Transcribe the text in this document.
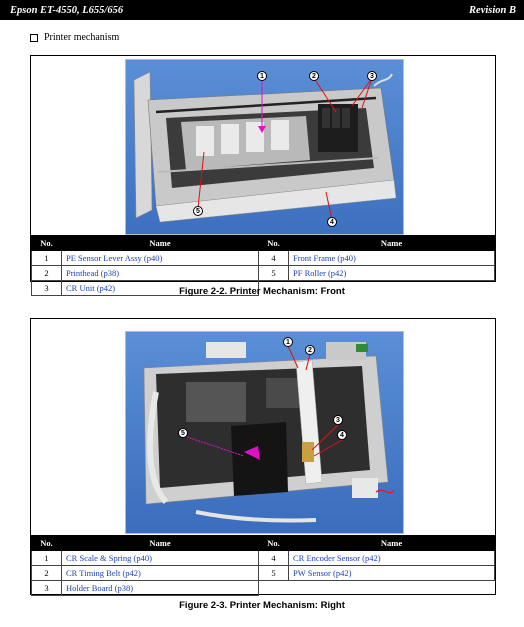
Epson ET-4550, L655/656	Revision B
Printer mechanism
1	2	3
4
5
No.	Name	No.	Name
1	PE Sensor Lever Assy (p40)	4	Front Frame (p40)
2	Printhead (p38)	5	PF Roller (p42)
3	CR Unit (p42)			Figure 2-2. Printer Mechanism: Front
1
2
3
4
5
No.	Name	No.	Name
1	CR Scale & Spring (p40)	4	CR Encoder Sensor (p42)
2	CR Timing Belt (p42)	5	PW Sensor (p42)
3	Holder Board (p38)		
Figure 2-3. Printer Mechanism: Right
